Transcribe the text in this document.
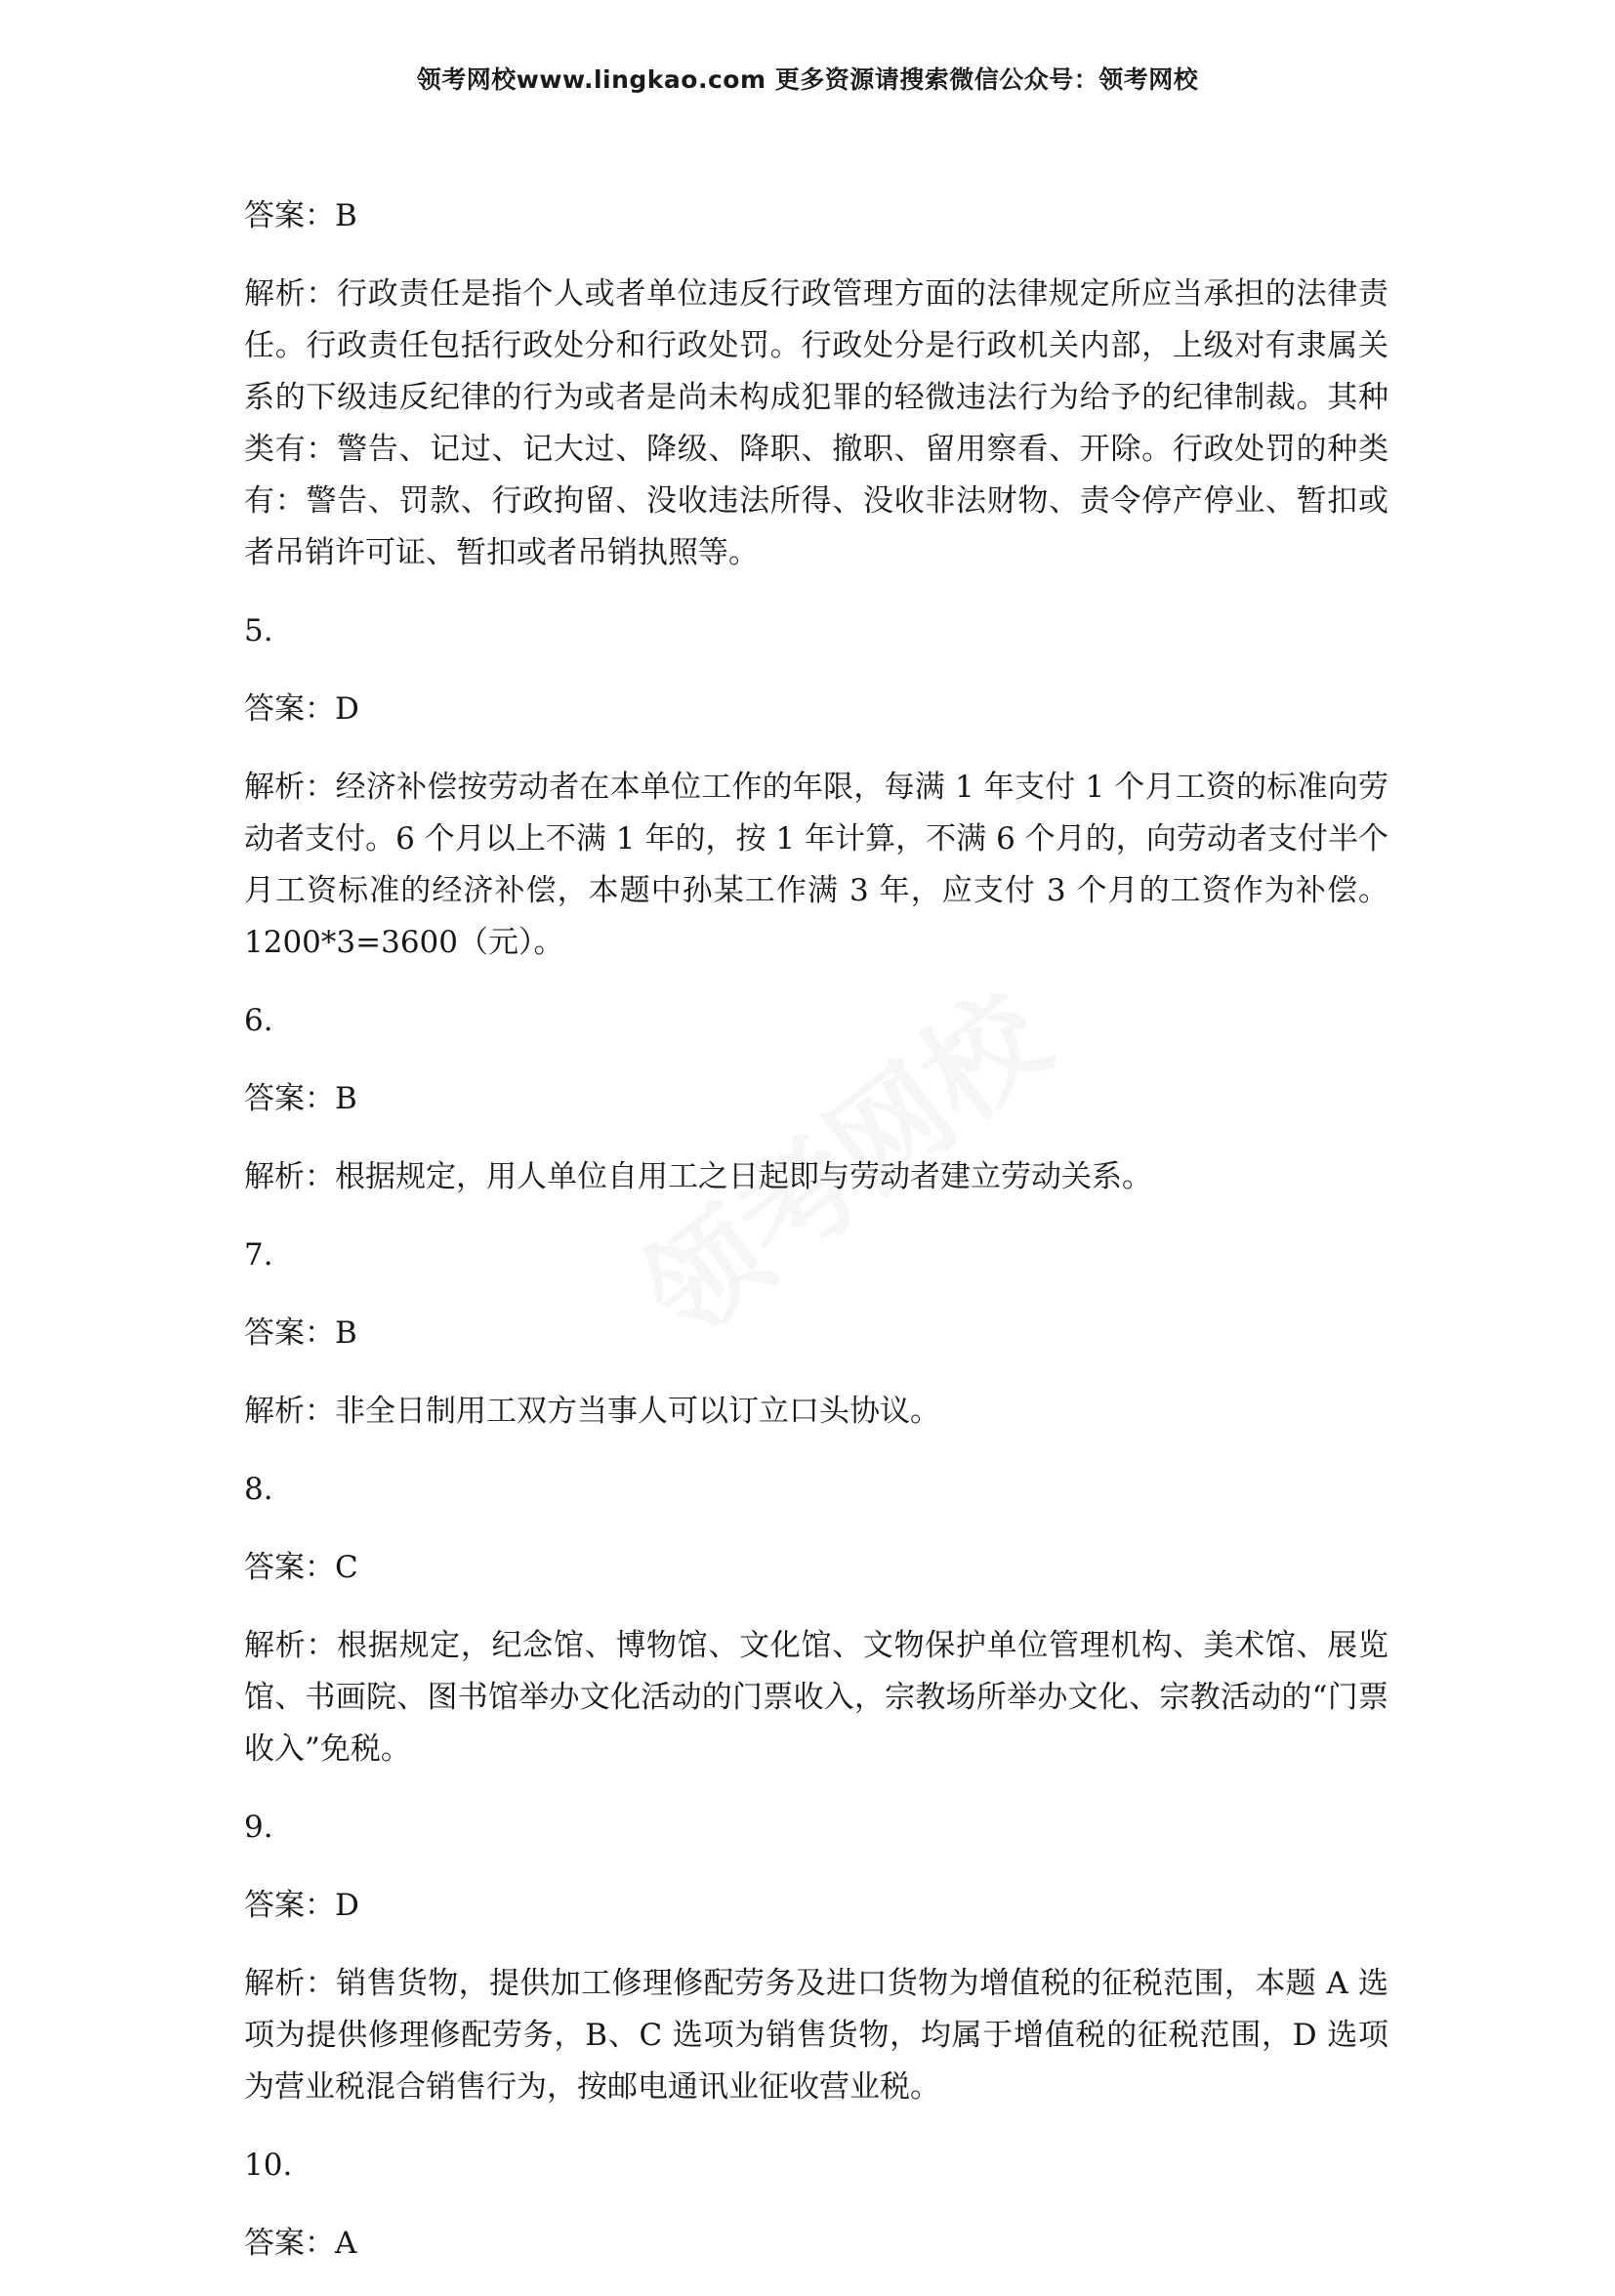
领考网校www.lingkao.com 更多资源请搜索微信公众号：领考网校

答案：B

解析：行政责任是指个人或者单位违反行政管理方面的法律规定所应当承担的法律责任。行政责任包括行政处分和行政处罚。行政处分是行政机关内部，上级对有隶属关系的下级违反纪律的行为或者是尚未构成犯罪的轻微违法行为给予的纪律制裁。其种类有：警告、记过、记大过、降级、降职、撤职、留用察看、开除。行政处罚的种类有：警告、罚款、行政拘留、没收违法所得、没收非法财物、责令停产停业、暂扣或者吊销许可证、暂扣或者吊销执照等。

5.

答案：D

解析：经济补偿按劳动者在本单位工作的年限，每满 1 年支付 1 个月工资的标准向劳动者支付。6 个月以上不满 1 年的，按 1 年计算，不满 6 个月的，向劳动者支付半个月工资标准的经济补偿，本题中孙某工作满 3 年，应支付 3 个月的工资作为补偿。1200*3=3600（元）。

6.

答案：B

解析：根据规定，用人单位自用工之日起即与劳动者建立劳动关系。

7.

答案：B

解析：非全日制用工双方当事人可以订立口头协议。

8.

答案：C

解析：根据规定，纪念馆、博物馆、文化馆、文物保护单位管理机构、美术馆、展览馆、书画院、图书馆举办文化活动的门票收入，宗教场所举办文化、宗教活动的“门票收入”免税。

9.

答案：D

解析：销售货物，提供加工修理修配劳务及进口货物为增值税的征税范围，本题 A 选项为提供修理修配劳务，B、C 选项为销售货物，均属于增值税的征税范围，D 选项为营业税混合销售行为，按邮电通讯业征收营业税。

10.

答案：A
